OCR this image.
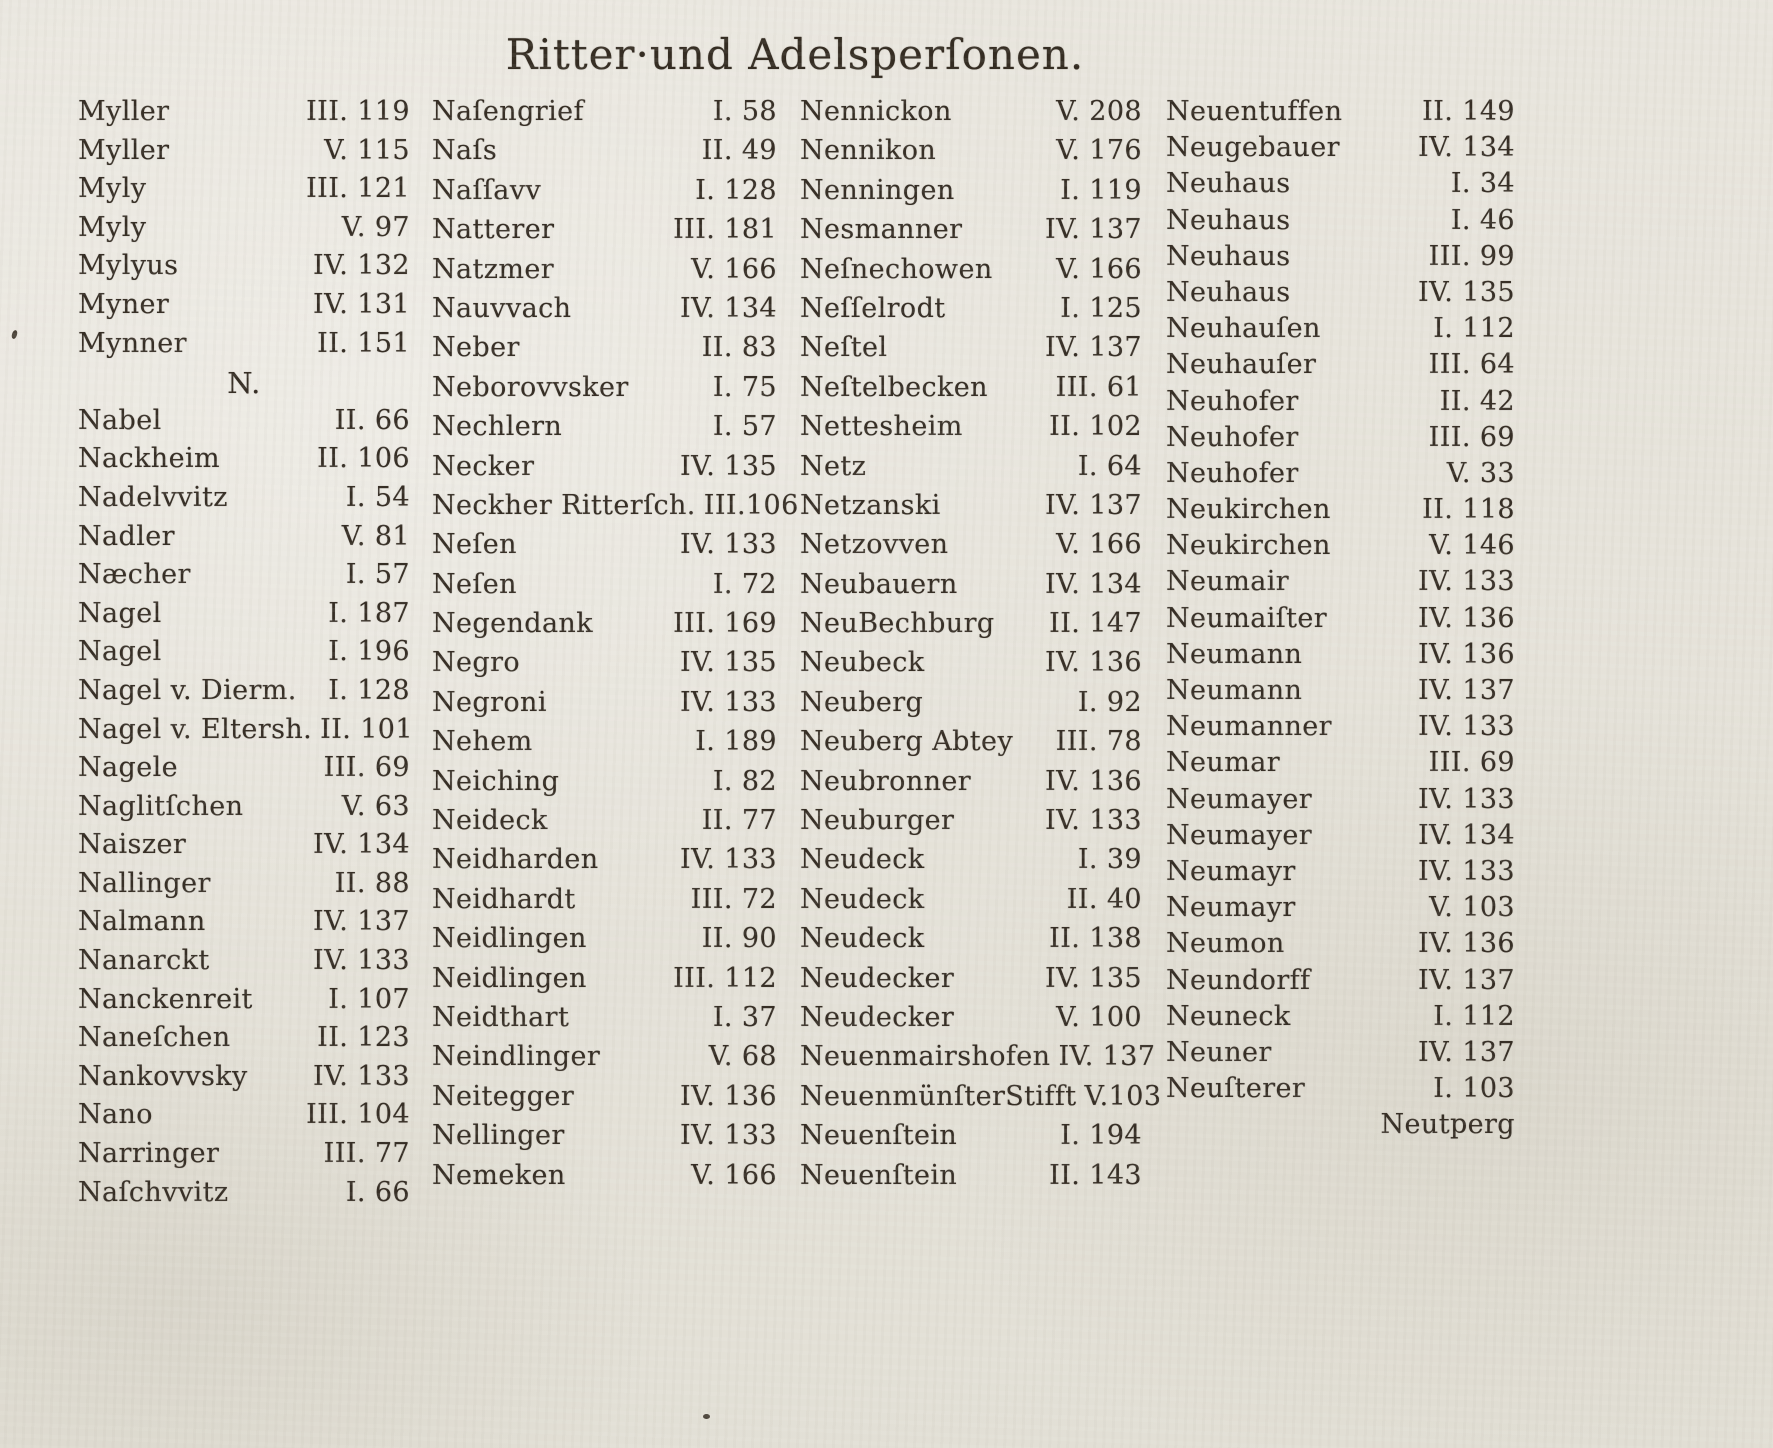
Ritter·und Adelsperſonen.
Myller	III. 119
Myller	V. 115
Myly	III. 121
Myly	V. 97
Mylyus	IV. 132
Myner	IV. 131
Mynner	II. 151
N.
Nabel	II. 66
Nackheim	II. 106
Nadelvvitz	I. 54
Nadler	V. 81
Næcher	I. 57
Nagel	I. 187
Nagel	I. 196
Nagel v. Dierm. I. 128
Nagel v. Eltersh. II. 101
Nagele	III. 69
Naglitſchen	V. 63
Naiszer	IV. 134
Nallinger	II. 88
Nalmann	IV. 137
Nanarckt	IV. 133
Nanckenreit	I. 107
Naneſchen	II. 123
Nankovvsky IV. 133
Nano	III. 104
Narringer	III. 77
Naſchvvitz	I. 66
Naſengrief	I. 58
Naſs	II. 49
Naſſavv	I. 128
Natterer	III. 181
Natzmer	V. 166
Nauvvach	IV. 134
Neber	II. 83
Neborovvsker	I. 75
Nechlern	I. 57
Necker	IV. 135
Neckher Ritterſch. III.106
Neſen	IV. 133
Neſen	I. 72
Negendank	III. 169
Negro	IV. 135
Negroni	IV. 133
Nehem	I. 189
Neiching	I. 82
Neideck	II. 77
Neidharden	IV. 133
Neidhardt	III. 72
Neidlingen	II. 90
Neidlingen	III. 112
Neidthart	I. 37
Neindlinger	V. 68
Neitegger	IV. 136
Nellinger	IV. 133
Nemeken	V. 166
Nennickon	V. 208
Nennikon	V. 176
Nenningen	I. 119
Nesmanner	IV. 137
Neſnechowen V. 166
Neſſelrodt	I. 125
Neſtel	IV. 137
Neſtelbecken	III. 61
Nettesheim	II. 102
Netz	I. 64
Netzanski	IV. 137
Netzovven	V. 166
Neubauern	IV. 134
NeuBechburg II. 147
Neubeck	IV. 136
Neuberg	I. 92
Neuberg Abtey III. 78
Neubronner	IV. 136
Neuburger	IV. 133
Neudeck	I. 39
Neudeck	II. 40
Neudeck	II. 138
Neudecker	IV. 135
Neudecker	V. 100
Neuenmairshofen IV. 137
NeuenmünſterStifft V.103
Neuenſtein	I. 194
Neuenſtein	II. 143
Neuentuffen	II. 149
Neugebauer	IV. 134
Neuhaus	I. 34
Neuhaus	I. 46
Neuhaus	III. 99
Neuhaus	IV. 135
Neuhauſen	I. 112
Neuhauſer	III. 64
Neuhofer	II. 42
Neuhofer	III. 69
Neuhofer	V. 33
Neukirchen	II. 118
Neukirchen	V. 146
Neumair	IV. 133
Neumaiſter	IV. 136
Neumann	IV. 136
Neumann	IV. 137
Neumanner	IV. 133
Neumar	III. 69
Neumayer	IV. 133
Neumayer	IV. 134
Neumayr	IV. 133
Neumayr	V. 103
Neumon	IV. 136
Neundorff	IV. 137
Neuneck	I. 112
Neuner	IV. 137
Neuſterer	I. 103
Neutperg
